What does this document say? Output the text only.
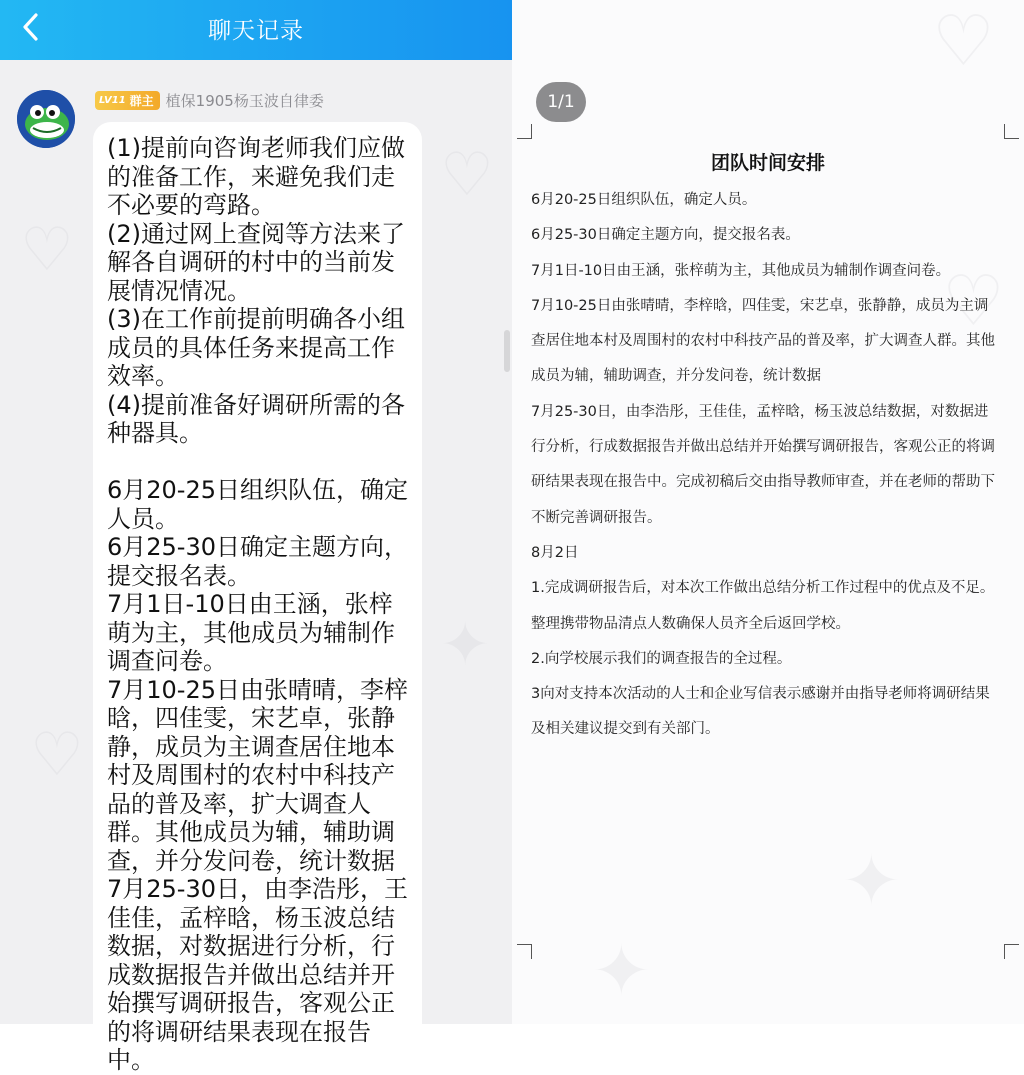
♡
♡
♡
✦
聊天记录
LV11 群主 植保1905杨玉波自律委

(1)提前向咨询老师我们应做的准备工作，来避免我们走不必要的弯路。
(2)通过网上查阅等方法来了解各自调研的村中的当前发展情况情况。
(3)在工作前提前明确各小组成员的具体任务来提高工作效率。
(4)提前准备好调研所需的各种器具。

6月20-25日组织队伍，确定人员。
6月25-30日确定主题方向，提交报名表。
7月1日-10日由王涵，张梓萌为主，其他成员为辅制作调查问卷。
7月10-25日由张晴晴，李梓晗，四佳雯，宋艺卓，张静静，成员为主调查居住地本村及周围村的农村中科技产品的普及率，扩大调查人群。其他成员为辅，辅助调查，并分发问卷，统计数据
7月25-30日，由李浩彤，王佳佳，孟梓晗，杨玉波总结数据，对数据进行分析，行成数据报告并做出总结并开始撰写调研报告，客观公正的将调研结果表现在报告中。

♡
♡
✦
✦
1/1
团队时间安排

6月20-25日组织队伍，确定人员。

6月25-30日确定主题方向，提交报名表。

7月1日-10日由王涵，张梓萌为主，其他成员为辅制作调查问卷。

7月10-25日由张晴晴，李梓晗，四佳雯，宋艺卓，张静静，成员为主调查居住地本村及周围村的农村中科技产品的普及率，扩大调查人群。其他成员为辅，辅助调查，并分发问卷，统计数据

7月25-30日，由李浩彤，王佳佳，孟梓晗，杨玉波总结数据，对数据进行分析，行成数据报告并做出总结并开始撰写调研报告，客观公正的将调研结果表现在报告中。完成初稿后交由指导教师审查，并在老师的帮助下不断完善调研报告。

8月2日

1.完成调研报告后，对本次工作做出总结分析工作过程中的优点及不足。整理携带物品清点人数确保人员齐全后返回学校。

2.向学校展示我们的调查报告的全过程。

3向对支持本次活动的人士和企业写信表示感谢并由指导老师将调研结果及相关建议提交到有关部门。
